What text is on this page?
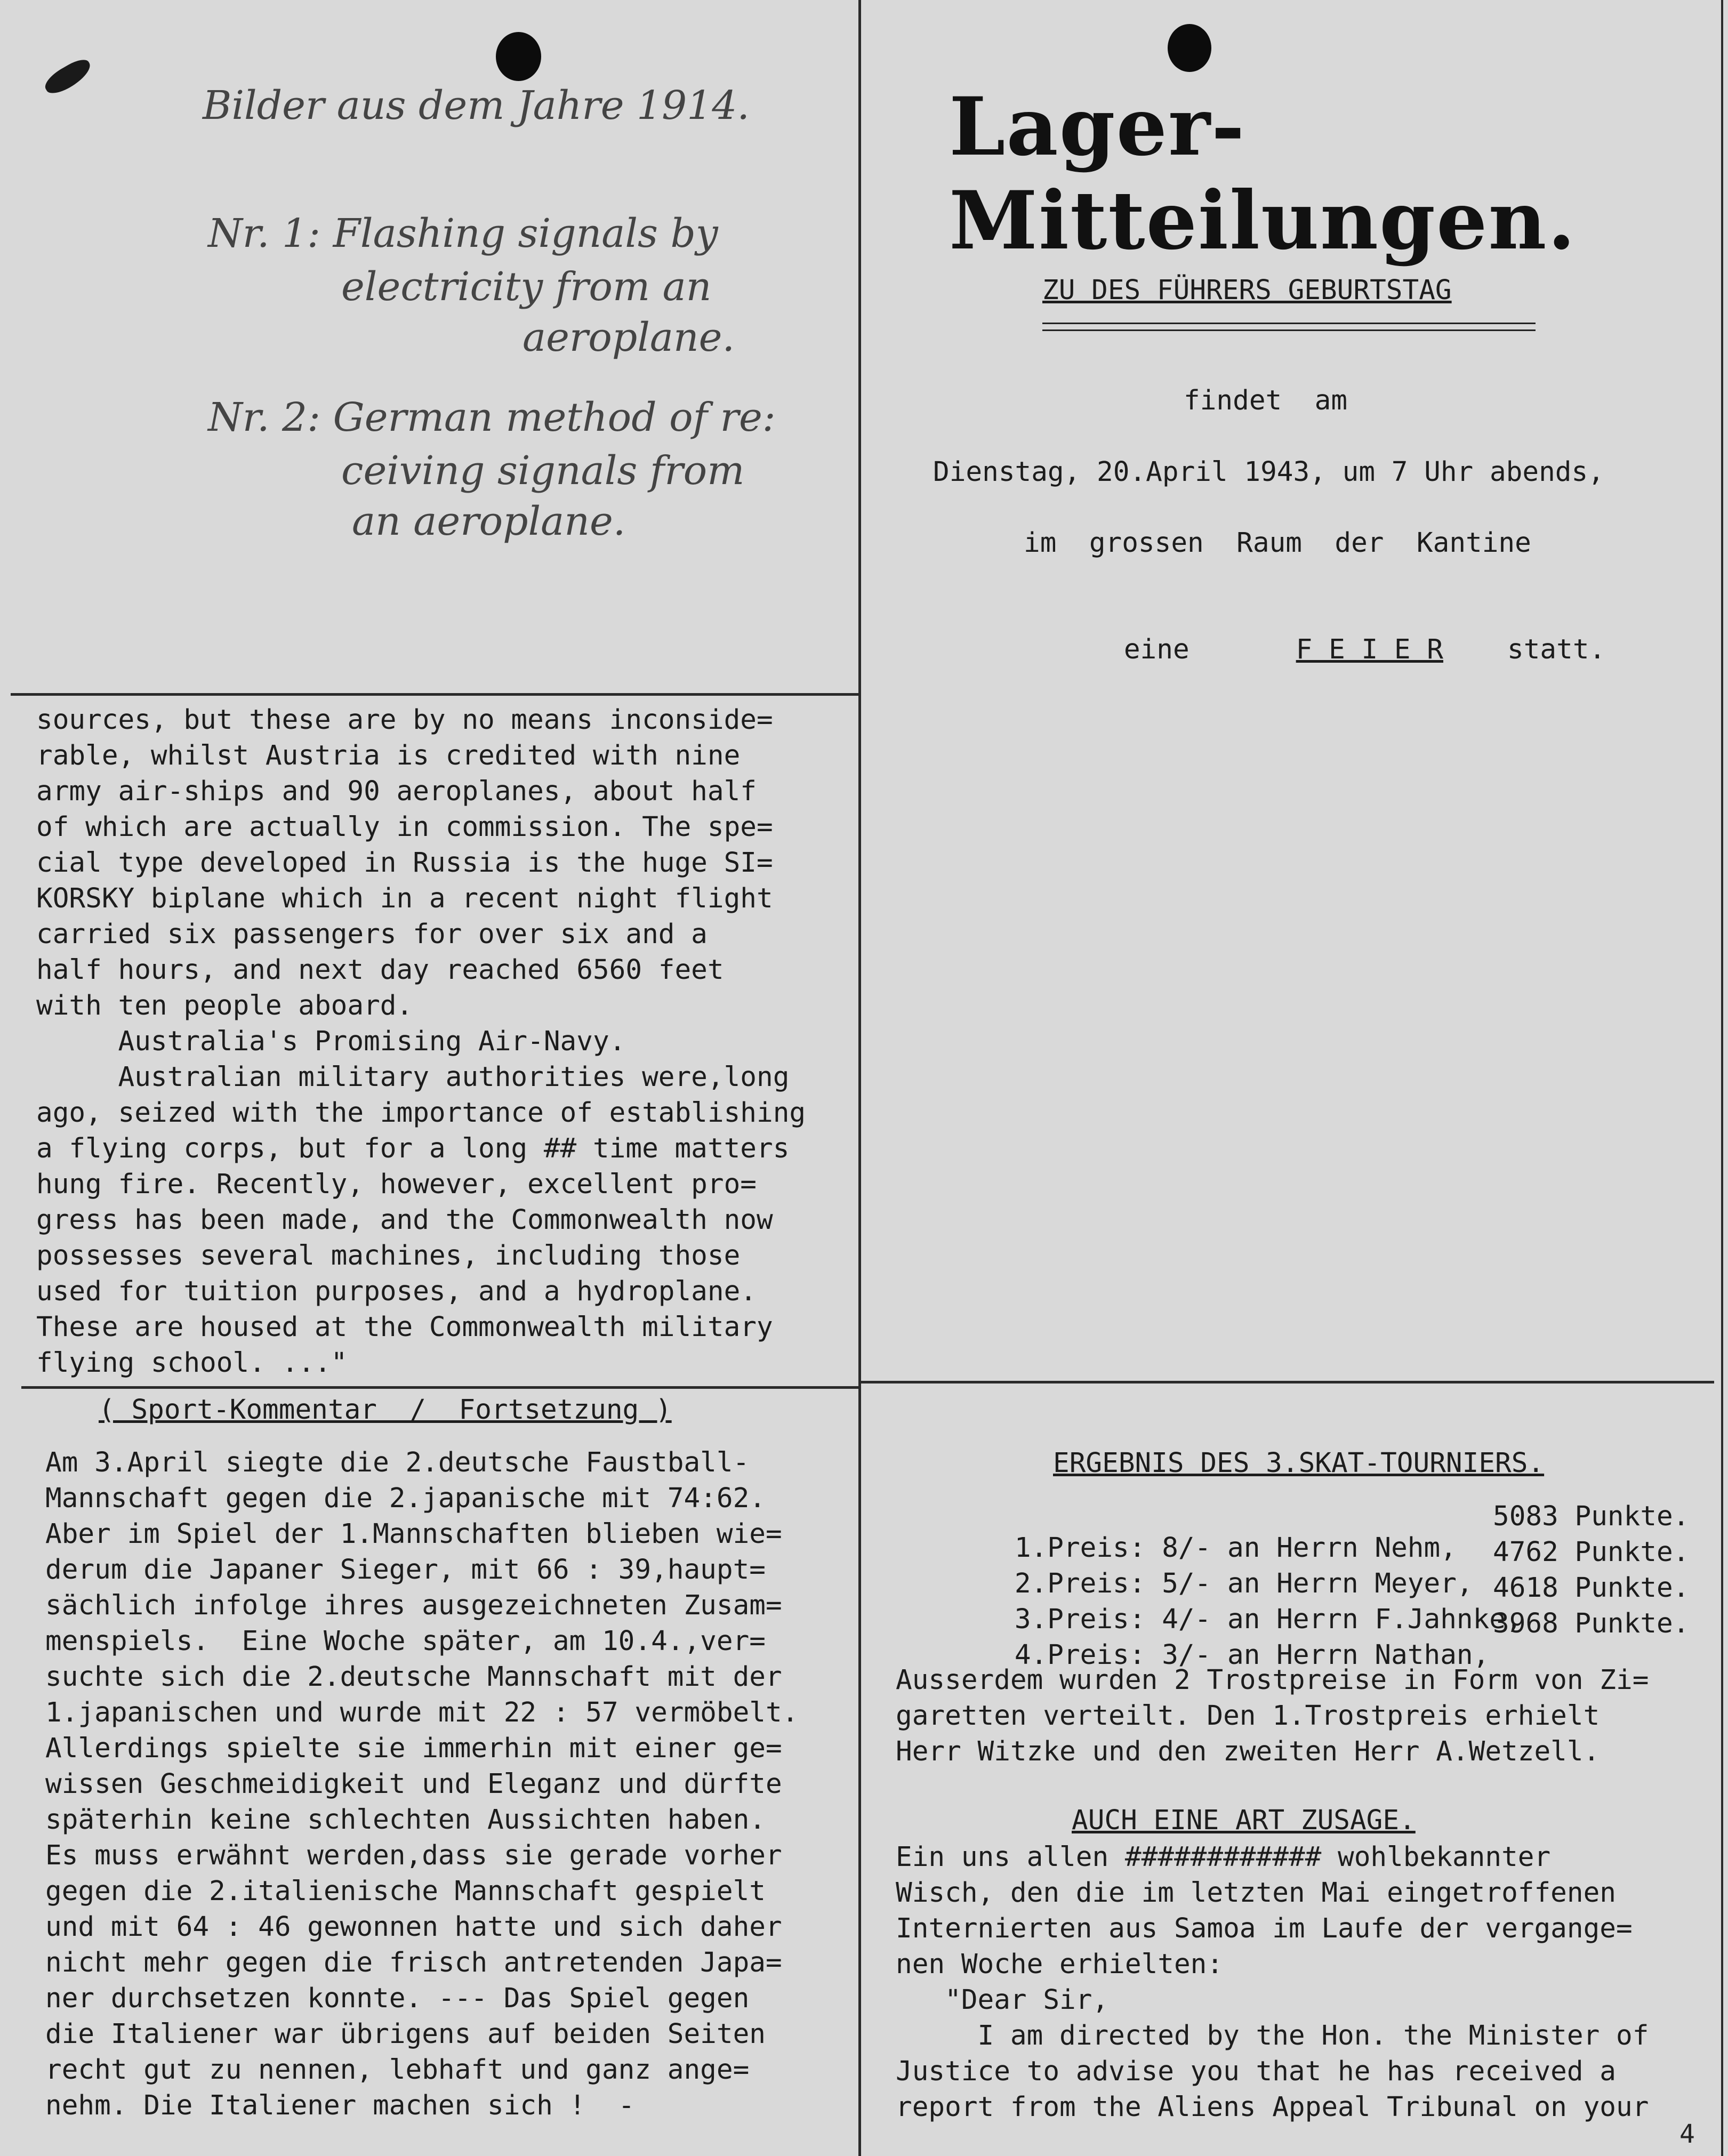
Bilder aus dem Jahre 1914.
Nr. 1: Flashing signals by
electricity from an
aeroplane.
Nr. 2: German method of re:
ceiving signals from
an aeroplane.
Lager-Mitteilungen.
ZU DES FÜHRERS GEBURTSTAG
findet  am
Dienstag, 20.April 1943, um 7 Uhr abends,
im  grossen  Raum  der  Kantine

eine	F E I E R statt.

sources, but these are by no means inconside=
rable, whilst Austria is credited with nine
army air-ships and 90 aeroplanes, about half
of which are actually in commission. The spe=
cial type developed in Russia is the huge SI=
KORSKY biplane which in a recent night flight
carried six passengers for over six and a
half hours, and next day reached 6560 feet
with ten people aboard.
Australia's Promising Air-Navy.
Australian military authorities were,long
ago, seized with the importance of establishing
a flying corps, but for a long ## time matters
hung fire. Recently, however, excellent pro=
gress has been made, and the Commonwealth now
possesses several machines, including those
used for tuition purposes, and a hydroplane.
These are housed at the Commonwealth military
flying school. ..."
( Sport-Kommentar  /  Fortsetzung )
Am 3.April siegte die 2.deutsche Faustball-
Mannschaft gegen die 2.japanische mit 74:62.
Aber im Spiel der 1.Mannschaften blieben wie=
derum die Japaner Sieger, mit 66 : 39,haupt=
sächlich infolge ihres ausgezeichneten Zusam=
menspiels.  Eine Woche später, am 10.4.,ver=
suchte sich die 2.deutsche Mannschaft mit der
1.japanischen und wurde mit 22 : 57 vermöbelt.
Allerdings spielte sie immerhin mit einer ge=
wissen Geschmeidigkeit und Eleganz und dürfte
späterhin keine schlechten Aussichten haben.
Es muss erwähnt werden,dass sie gerade vorher
gegen die 2.italienische Mannschaft gespielt
und mit 64 : 46 gewonnen hatte und sich daher
nicht mehr gegen die frisch antretenden Japa=
ner durchsetzen konnte. --- Das Spiel gegen
die Italiener war übrigens auf beiden Seiten
recht gut zu nennen, lebhaft und ganz ange=
nehm. Die Italiener machen sich !  -
ERGEBNIS DES 3.SKAT-TOURNIERS.

1.Preis: 8/- an Herrn Nehm,

5083 Punkte.

2.Preis: 5/- an Herrn Meyer,

4762 Punkte.

3.Preis: 4/- an Herrn F.Jahnke,

4618 Punkte.

4.Preis: 3/- an Herrn Nathan,

3968 Punkte.
Ausserdem wurden 2 Trostpreise in Form von Zi=
garetten verteilt. Den 1.Trostpreis erhielt
Herr Witzke und den zweiten Herr A.Wetzell.
AUCH EINE ART ZUSAGE.
Ein uns allen ############ wohlbekannter
Wisch, den die im letzten Mai eingetroffenen
Internierten aus Samoa im Laufe der vergange=
nen Woche erhielten:
"Dear Sir,
I am directed by the Hon. the Minister of
Justice to advise you that he has received a
report from the Aliens Appeal Tribunal on your
4
